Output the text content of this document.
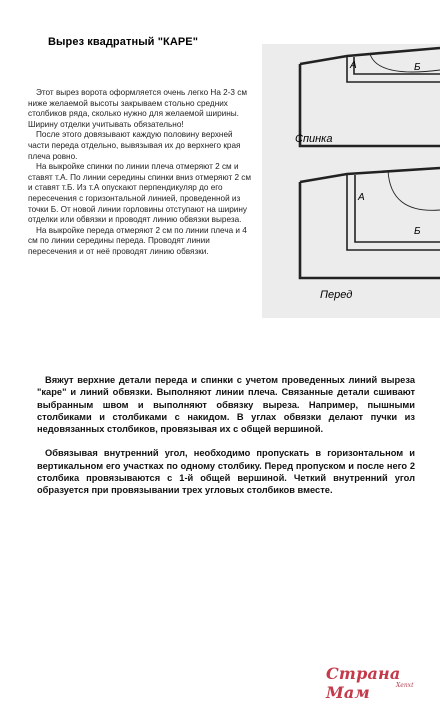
Вырез квадратный "КАРЕ"

Этот вырез ворота оформляется очень легко На 2-3 см ниже желаемой высоты закрываем стольно средних столбиков ряда, сколько нужно для желаемой ширины. Ширину отделки учитывать обязательно!

После этого довязывают каждую половину верхней части переда отдельно, вывязывая их до верхнего края плеча ровно.

На выкройке спинки по линии плеча отмеряют 2 см и ставят т.А. По линии середины спинки вниз отмеряют 2 см и ставят т.Б. Из т.А опускают перпендикуляр до его пересечения с горизонтальной линией, проведенной из точки Б. От новой линии горловины отступают на ширину отделки или обвязки и проводят линию обвязки выреза.

На выкройке переда отмеряют 2 см по линии плеча и 4 см по линии середины переда. Проводят линии пересечения и от неё проводят линию обвязки.

А	Б
Спинка
А
Б
Перед

Вяжут верхние детали переда и спинки с учетом проведенных линий выреза "каре" и линий обвязки. Выполняют линии плеча. Связанные детали сшивают выбранным швом и выполняют обвязку выреза. Например, пышными столбиками и столбиками с накидом. В углах обвязки делают пучки из недовязанных столбиков, провязывая их с общей вершиной.

Обвязывая внутренний угол, необходимо пропускать в горизонтальном и вертикальном его участках по одному столбику. Перед пропуском и после него 2 столбика провязываются с 1-й общей вершиной. Четкий внутренний угол образуется при провязывании трех угловых столбиков вместе.

Страна Мам	Xenxt
